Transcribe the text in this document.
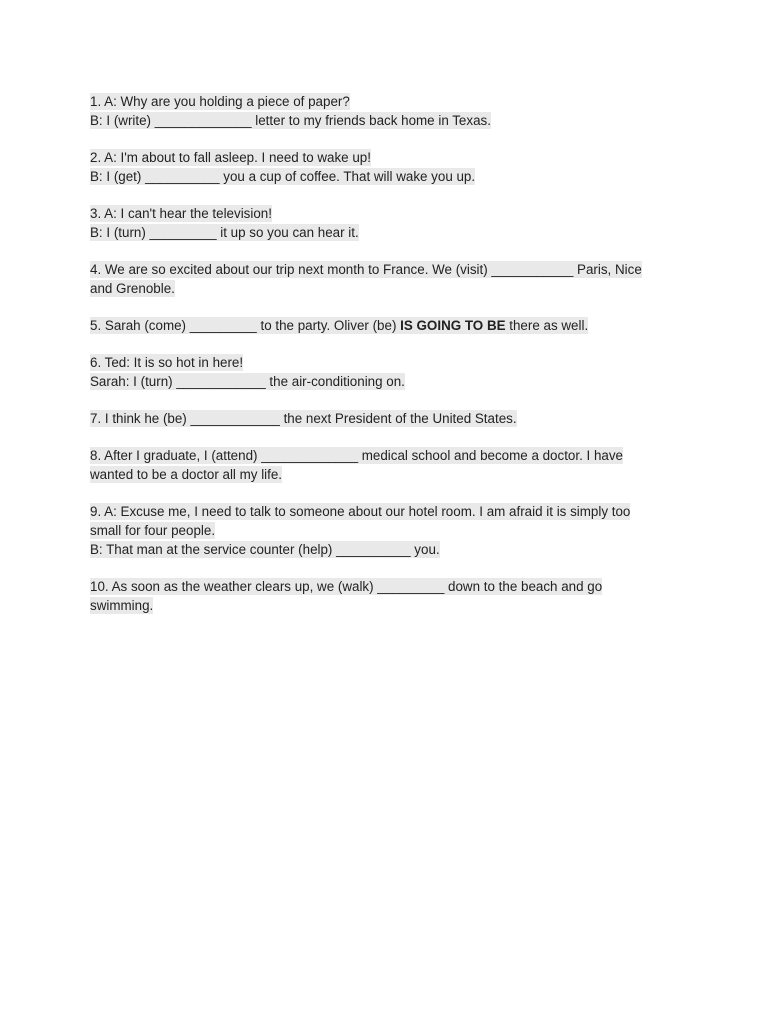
1. A: Why are you holding a piece of paper?
B: I (write) _____________ letter to my friends back home in Texas.
2. A: I'm about to fall asleep. I need to wake up!
B: I (get) __________ you a cup of coffee. That will wake you up.
3. A: I can't hear the television!
B: I (turn) _________ it up so you can hear it.
4. We are so excited about our trip next month to France. We (visit) ___________ Paris, Nice
and Grenoble.
5. Sarah (come) _________ to the party. Oliver (be) IS GOING TO BE there as well.
6. Ted: It is so hot in here!
Sarah: I (turn) ____________ the air-conditioning on.
7. I think he (be) ____________ the next President of the United States.
8. After I graduate, I (attend) _____________ medical school and become a doctor. I have
wanted to be a doctor all my life.
9. A: Excuse me, I need to talk to someone about our hotel room. I am afraid it is simply too
small for four people.
B: That man at the service counter (help) __________ you.
10. As soon as the weather clears up, we (walk) _________ down to the beach and go
swimming.
